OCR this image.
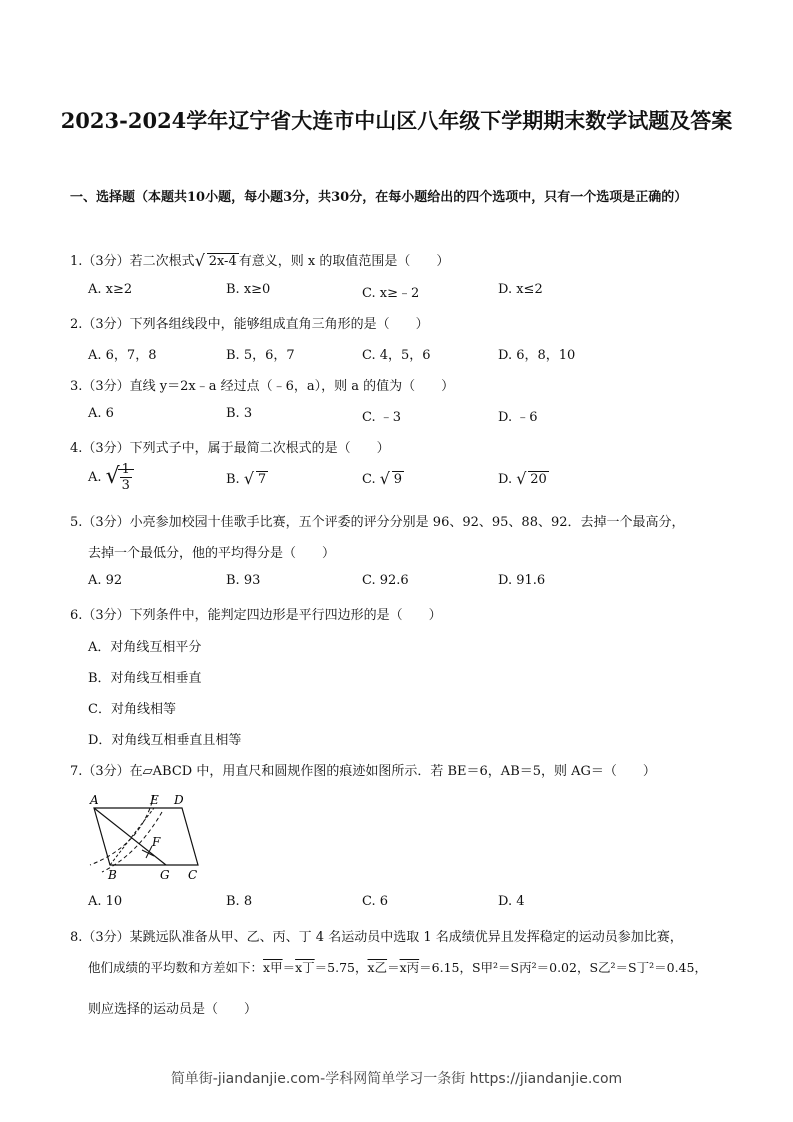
2023-2024学年辽宁省大连市中山区八年级下学期期末数学试题及答案
一、选择题（本题共10小题，每小题3分，共30分，在每小题给出的四个选项中，只有一个选项是正确的）
1.（3分）若二次根式 √ 2x-4 有意义，则 x 的取值范围是（　　）
A. x≥2	B. x≥0	C. x≥﹣2	D. x≤2
2.（3分）下列各组线段中，能够组成直角三角形的是（　　）
A. 6，7，8	B. 5，6，7	C. 4，5，6	D. 6，8，10
3.（3分）直线 y＝2x﹣a 经过点（﹣6，a），则 a 的值为（　　）
A. 6	B. 3	C. ﹣3	D. ﹣6
4.（3分）下列式子中，属于最简二次根式的是（　　）
A. √ $\frac{1}{3}$	B. √ 7	C. √ 9	D. √ 20
5.（3分）小亮参加校园十佳歌手比赛，五个评委的评分分别是 96、92、95、88、92．去掉一个最高分，
去掉一个最低分，他的平均得分是（　　）
A. 92	B. 93	C. 92.6	D. 91.6
6.（3分）下列条件中，能判定四边形是平行四边形的是（　　）
A．对角线互相平分
B．对角线互相垂直
C．对角线相等
D．对角线互相垂直且相等
7.（3分）在▱ABCD 中，用直尺和圆规作图的痕迹如图所示．若 BE＝6，AB＝5，则 AG＝（　　）
A	E D
F
B	G C
A. 10	B. 8	C. 6	D. 4
8.（3分）某跳远队准备从甲、乙、丙、丁 4 名运动员中选取 1 名成绩优异且发挥稳定的运动员参加比赛，
他们成绩的平均数和方差如下：x甲＝x丁＝5.75，x乙＝x丙＝6.15，S甲²＝S丙²＝0.02，S乙²＝S丁²＝0.45，
则应选择的运动员是（　　）
简单街-jiandanjie.com-学科网简单学习一条街 https://jiandanjie.com
